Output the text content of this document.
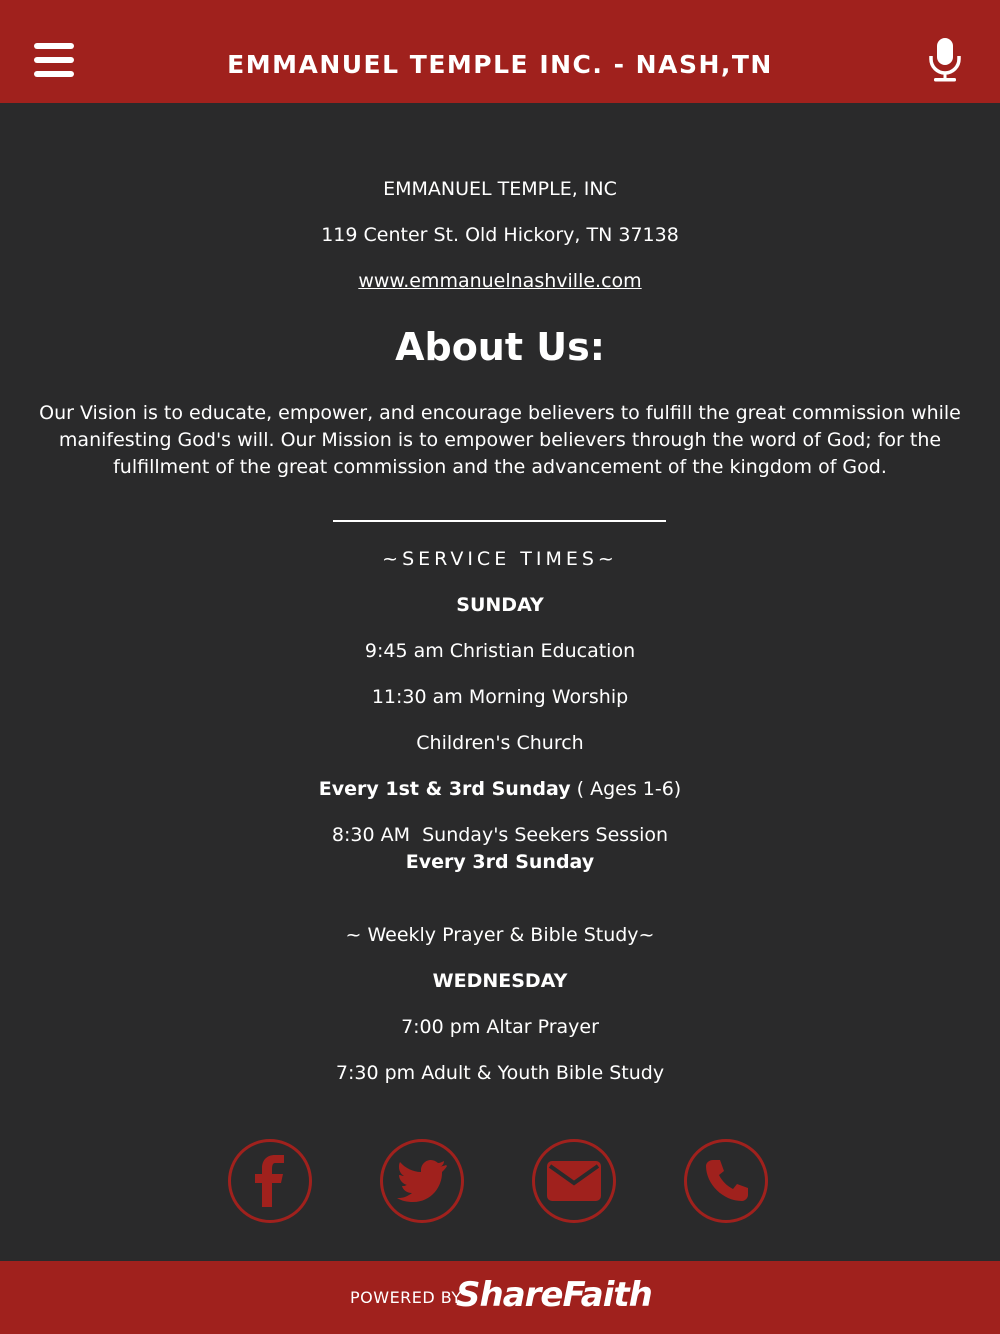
EMMANUEL TEMPLE INC. - NASH,TN
EMMANUEL TEMPLE, INC
119 Center St. Old Hickory, TN 37138
www.emmanuelnashville.com
About Us:
Our Vision is to educate, empower, and encourage believers to fulfill the great commission while manifesting God's will. Our Mission is to empower believers through the word of God; for the fulfillment of the great commission and the advancement of the kingdom of God.
~SERVICE TIMES~
SUNDAY
9:45 am Christian Education
11:30 am Morning Worship
Children's Church
Every 1st & 3rd Sunday ( Ages 1-6)
8:30 AM  Sunday's Seekers Session
Every 3rd Sunday
~ Weekly Prayer & Bible Study~
WEDNESDAY
7:00 pm Altar Prayer
7:30 pm Adult & Youth Bible Study
POWERED BY
ShareFaith
